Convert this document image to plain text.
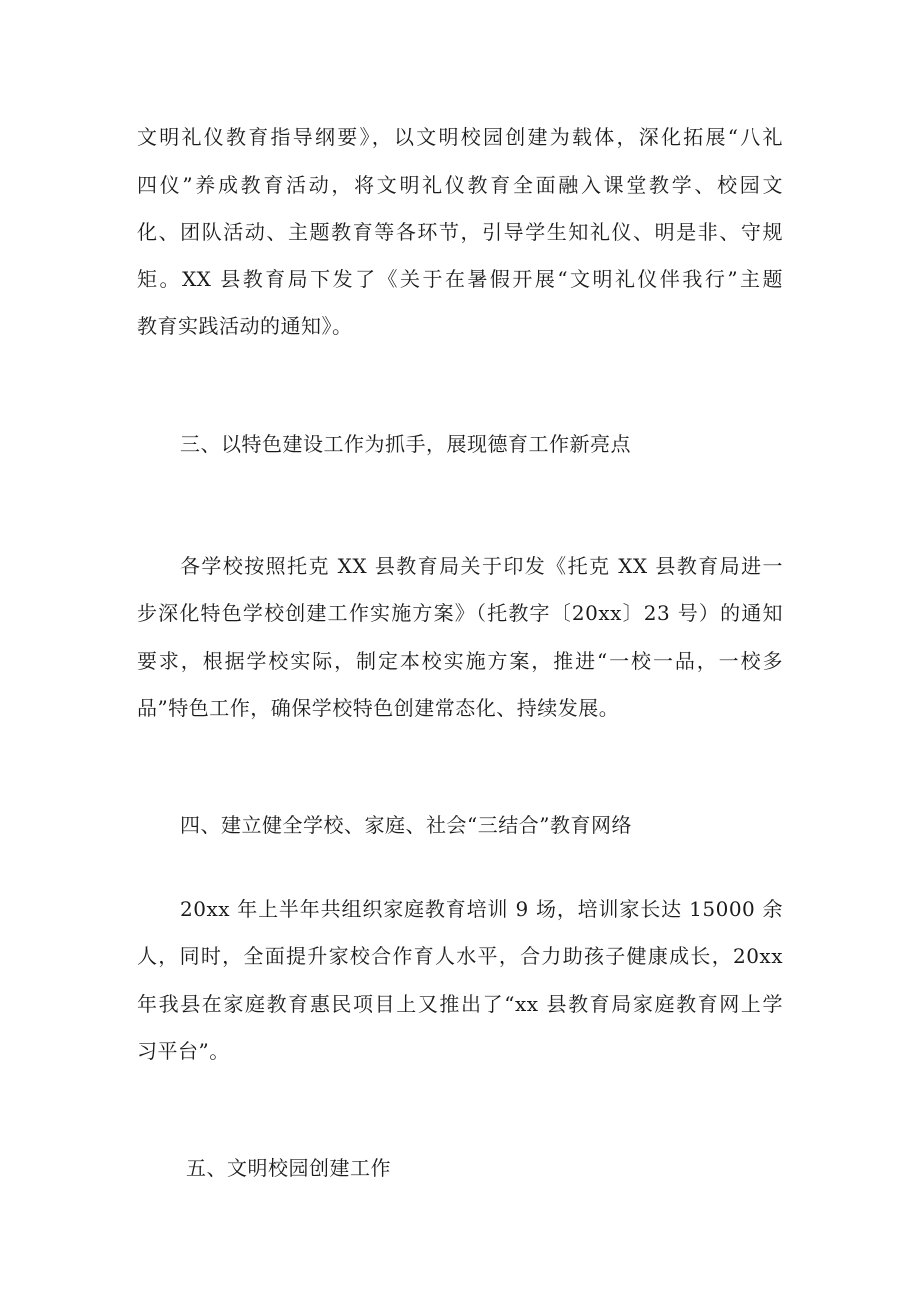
文明礼仪教育指导纲要》，以文明校园创建为载体，深化拓展“八礼

四仪”养成教育活动，将文明礼仪教育全面融入课堂教学、校园文

化、团队活动、主题教育等各环节，引导学生知礼仪、明是非、守规

矩。XX 县教育局下发了《关于在暑假开展“文明礼仪伴我行”主题

教育实践活动的通知》。

三、以特色建设工作为抓手，展现德育工作新亮点

各学校按照托克 XX 县教育局关于印发《托克 XX 县教育局进一

步深化特色学校创建工作实施方案》（托教字〔20xx〕23 号）的通知

要求，根据学校实际，制定本校实施方案，推进“一校一品，一校多

品”特色工作，确保学校特色创建常态化、持续发展。

四、建立健全学校、家庭、社会“三结合”教育网络

20xx 年上半年共组织家庭教育培训 9 场，培训家长达 15000 余

人，同时，全面提升家校合作育人水平，合力助孩子健康成长，20xx

年我县在家庭教育惠民项目上又推出了“xx 县教育局家庭教育网上学

习平台”。

五、文明校园创建工作
